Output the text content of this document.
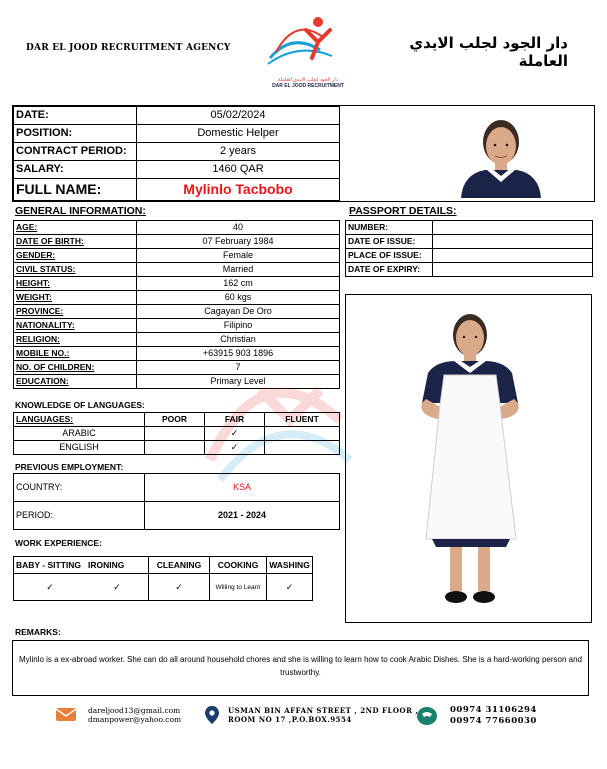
DAR EL JOOD RECRUITMENT AGENCY
دار الجود لجلب الايدي العاملة
DAR EL JOOD RECRUITMENT
دار الجود لجلب الايدي العاملة
DATE:	05/02/2024
POSITION:	Domestic Helper
CONTRACT PERIOD:	2 years
SALARY:	1460 QAR
FULL NAME:	Mylinlo Tacbobo
GENERAL INFORMATION:
AGE:	40
DATE OF BIRTH:	07 February 1984
GENDER:	Female
CIVIL STATUS:	Married
HEIGHT:	162 cm
WEIGHT:	60 kgs
PROVINCE:	Cagayan De Oro
NATIONALITY:	Filipino
RELIGION:	Christian
MOBILE NO.:	+63915 903 1896
NO. OF CHILDREN:	7
EDUCATION:	Primary Level
PASSPORT DETAILS:
NUMBER:	
DATE OF ISSUE:	
PLACE OF ISSUE:	
DATE OF EXPIRY:	
KNOWLEDGE OF LANGUAGES:
LANGUAGES:	POOR	FAIR	FLUENT
ARABIC		✓	
ENGLISH		✓	
PREVIOUS EMPLOYMENT:
COUNTRY:	KSA
PERIOD:	2021 - 2024
WORK EXPERIENCE:
BABY - SITTING	IRONING	CLEANING	COOKING	WASHING
✓	✓	✓	Willing to Learn	✓
REMARKS:
Mylinlo is a ex-abroad worker. She can do all around household chores and she is willing to learn how to cook Arabic Dishes. She is a hard-working person and trustworthy.
dareljood13@gmail.com
dmanpower@yahoo.com
USMAN BIN AFFAN STREET , 2ND FLOOR ,
ROOM NO 17 ,P.O.BOX.9554
00974 31106294
00974 77660030
